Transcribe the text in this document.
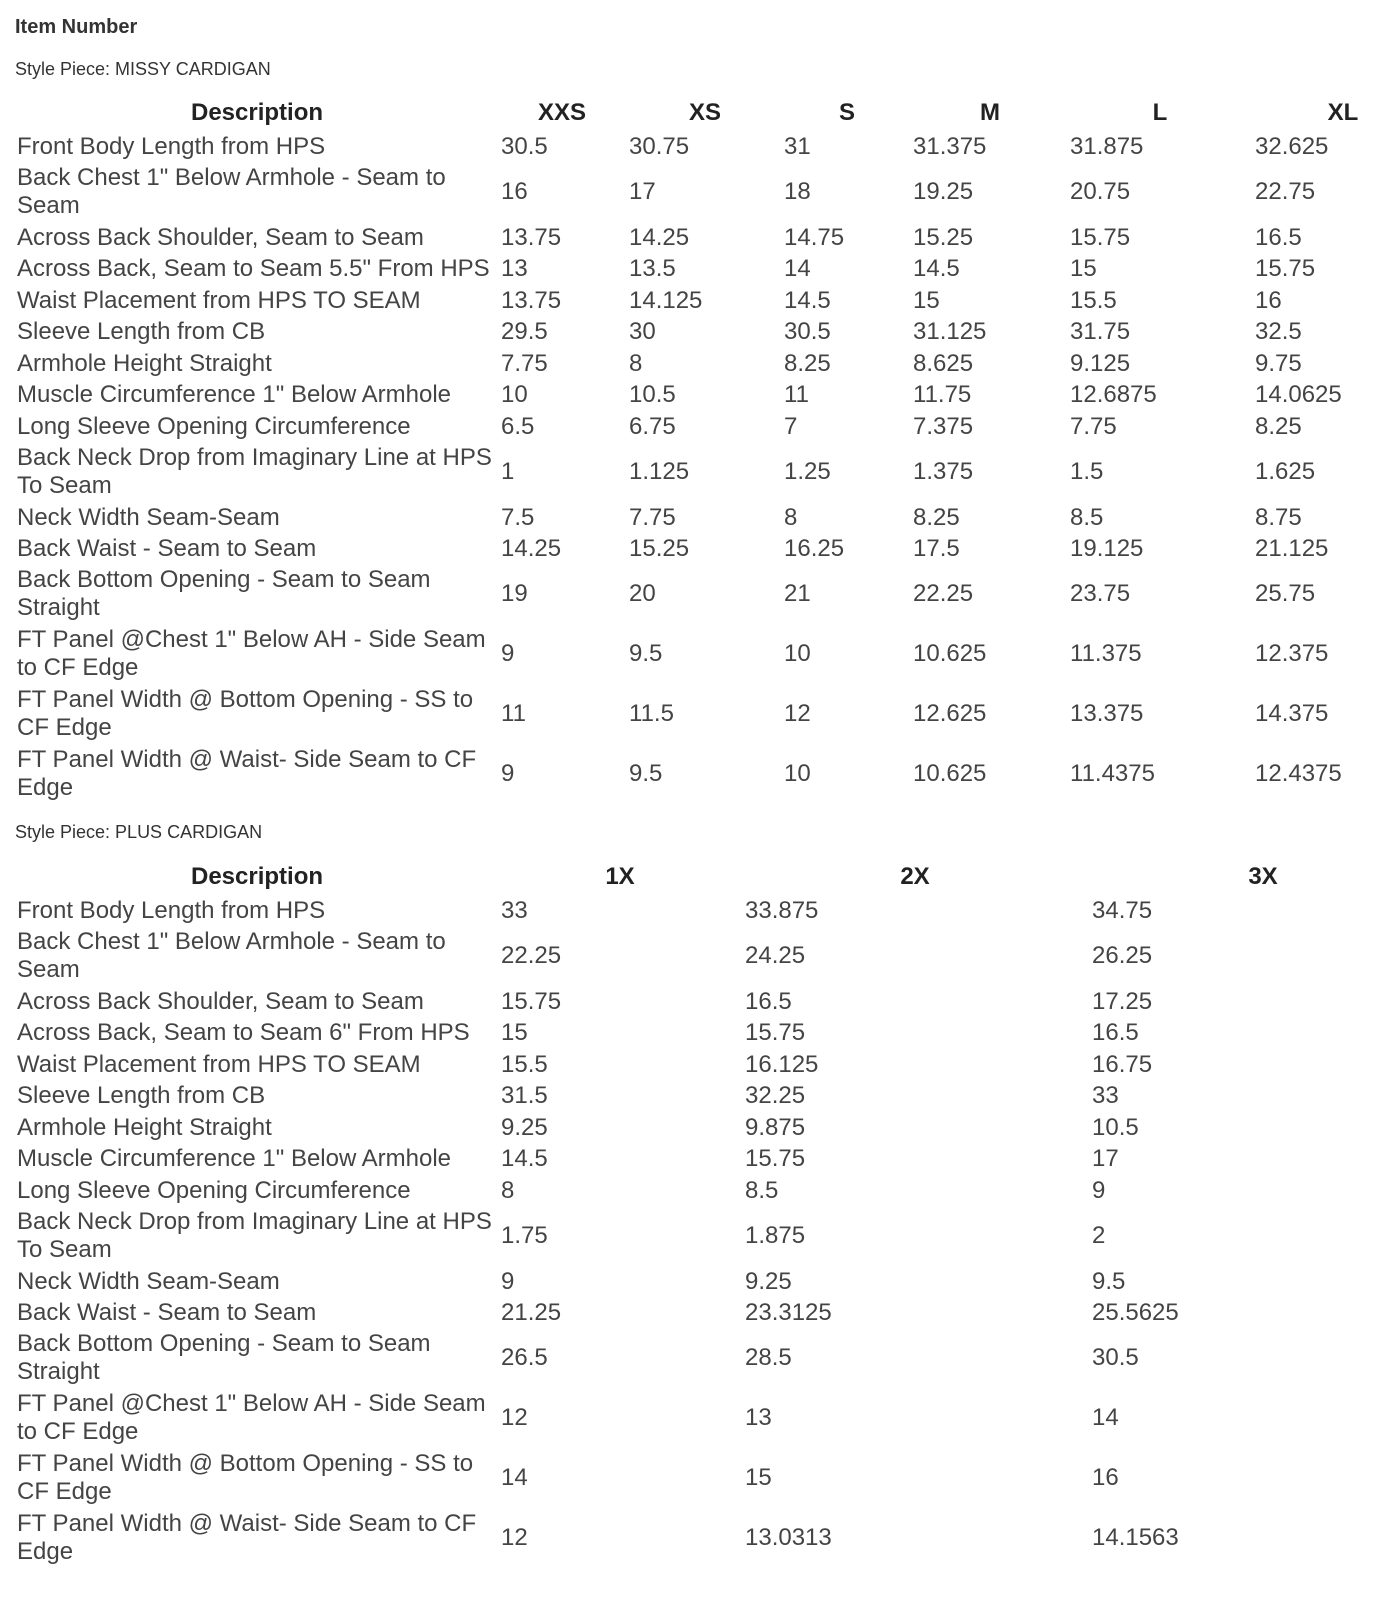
Item Number
Style Piece: MISSY CARDIGAN
Description	XXS	XS	S	M	L	XL
Front Body Length from HPS	30.5	30.75	31	31.375	31.875	32.625
Back Chest 1" Below Armhole - Seam to Seam
16	17	18	19.25	20.75	22.75
Across Back Shoulder, Seam to Seam	13.75	14.25	14.75	15.25	15.75	16.5
Across Back, Seam to Seam 5.5" From HPS 13	13.5	14	14.5	15	15.75
Waist Placement from HPS TO SEAM	13.75	14.125	14.5	15	15.5	16
Sleeve Length from CB	29.5	30	30.5	31.125	31.75	32.5
Armhole Height Straight	7.75	8	8.25	8.625	9.125	9.75
Muscle Circumference 1" Below Armhole	10	10.5	11	11.75	12.6875	14.0625
Long Sleeve Opening Circumference	6.5	6.75	7	7.375	7.75	8.25
Back Neck Drop from Imaginary Line at HPS To Seam
1	1.125	1.25	1.375	1.5	1.625
Neck Width Seam-Seam	7.5	7.75	8	8.25	8.5	8.75
Back Waist - Seam to Seam	14.25	15.25	16.25	17.5	19.125	21.125
Back Bottom Opening - Seam to Seam Straight
19	20	21	22.25	23.75	25.75
FT Panel @Chest 1" Below AH - Side Seam to CF Edge
9	9.5	10	10.625	11.375	12.375
FT Panel Width @ Bottom Opening - SS to CF Edge
11	11.5	12	12.625	13.375	14.375
FT Panel Width @ Waist- Side Seam to CF Edge
9	9.5	10	10.625	11.4375	12.4375
Style Piece: PLUS CARDIGAN
Description	1X	2X	3X
Front Body Length from HPS	33	33.875	34.75
Back Chest 1" Below Armhole - Seam to Seam
22.25	24.25	26.25
Across Back Shoulder, Seam to Seam	15.75	16.5	17.25
Across Back, Seam to Seam 6" From HPS	15	15.75	16.5
Waist Placement from HPS TO SEAM	15.5	16.125	16.75
Sleeve Length from CB	31.5	32.25	33
Armhole Height Straight	9.25	9.875	10.5
Muscle Circumference 1" Below Armhole	14.5	15.75	17
Long Sleeve Opening Circumference	8	8.5	9
Back Neck Drop from Imaginary Line at HPS To Seam
1.75	1.875	2
Neck Width Seam-Seam	9	9.25	9.5
Back Waist - Seam to Seam	21.25	23.3125	25.5625
Back Bottom Opening - Seam to Seam Straight
26.5	28.5	30.5
FT Panel @Chest 1" Below AH - Side Seam to CF Edge
12	13	14
FT Panel Width @ Bottom Opening - SS to CF Edge
14	15	16
FT Panel Width @ Waist- Side Seam to CF Edge
12	13.0313	14.1563
